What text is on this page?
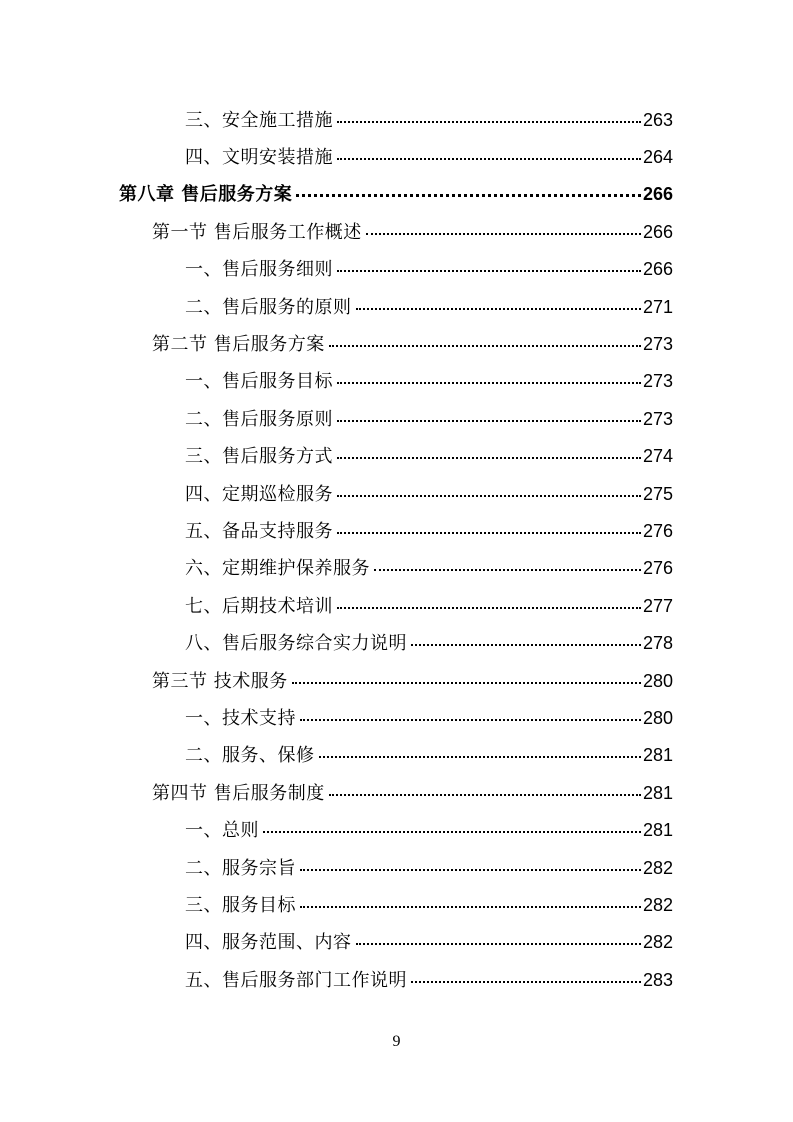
三、安全施工措施	263
四、文明安装措施	264
第八章 售后服务方案	266
第一节 售后服务工作概述	266
一、售后服务细则	266
二、售后服务的原则	271
第二节 售后服务方案	273
一、售后服务目标	273
二、售后服务原则	273
三、售后服务方式	274
四、定期巡检服务	275
五、备品支持服务	276
六、定期维护保养服务	276
七、后期技术培训	277
八、售后服务综合实力说明	278
第三节 技术服务	280
一、技术支持	280
二、服务、保修	281
第四节 售后服务制度	281
一、总则	281
二、服务宗旨	282
三、服务目标	282
四、服务范围、内容	282
五、售后服务部门工作说明	283
9
